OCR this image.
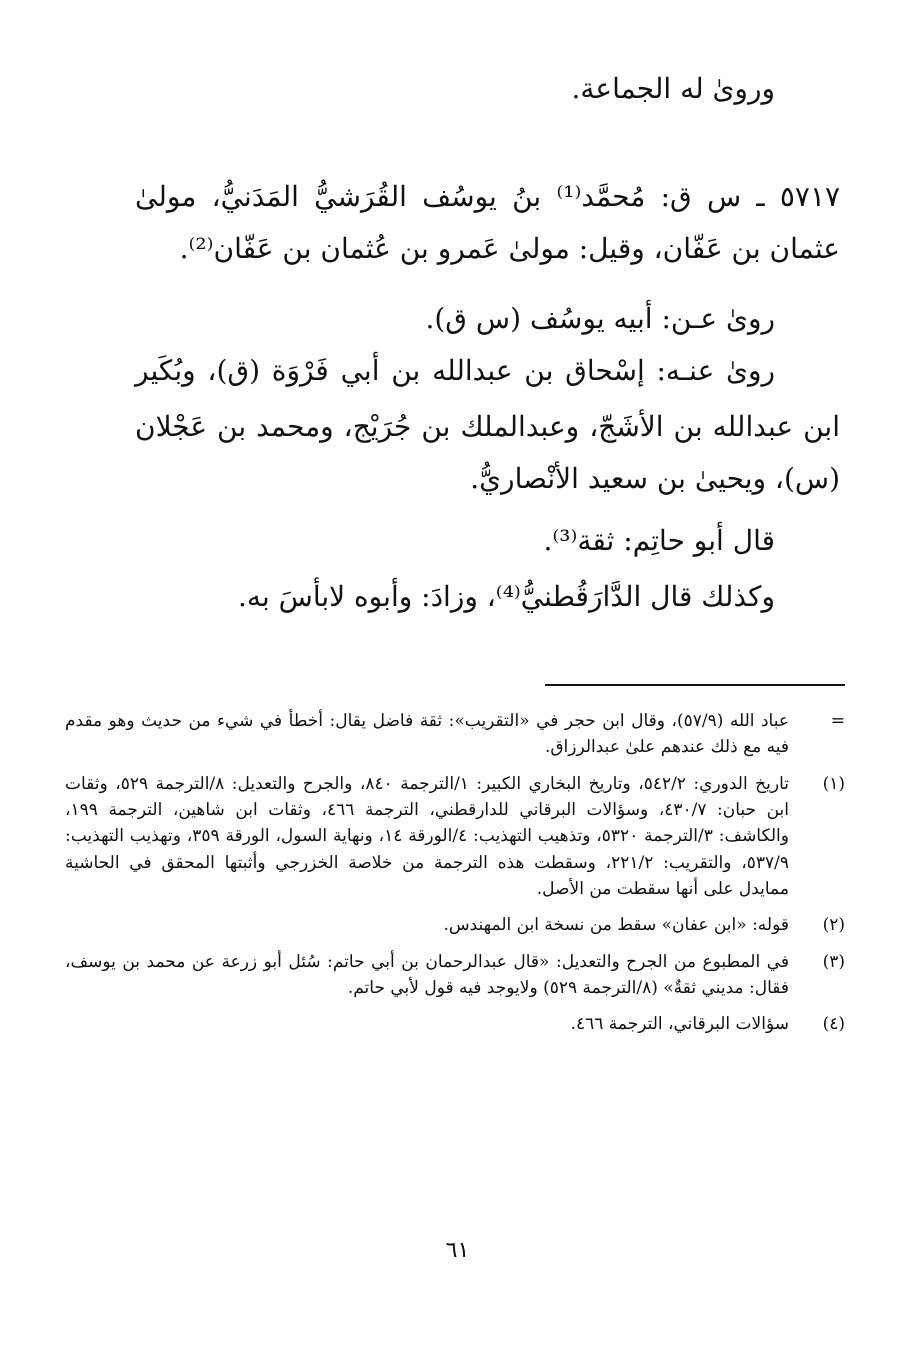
وروىٰ له الجماعة.
٥٧١٧ ـ س ق: مُحمَّد⁽¹⁾ بنُ يوسُف القُرَشيُّ المَدَنيُّ، مولىٰ
عثمان بن عَفّان، وقيل: مولىٰ عَمرو بن عُثمان بن عَفّان⁽²⁾.
روىٰ عـن: أبيه يوسُف (س ق).
روىٰ عنـه: إسْحاق بن عبدالله بن أبي فَرْوَة (ق)، وبُكَير
ابن عبدالله بن الأشَجّ، وعبدالملك بن جُرَيْج، ومحمد بن عَجْلان
(س)، ويحيىٰ بن سعيد الأنْصاريُّ.
قال أبو حاتِم: ثقة⁽³⁾.
وكذلك قال الدَّارَقُطنيُّ⁽⁴⁾، وزادَ: وأبوه لابأسَ به.
=
عباد الله (٥٧/٩)، وقال ابن حجر في «التقريب»: ثقة فاضل يقال: أخطأ في شيء من حديث وهو مقدم فيه مع ذلك عندهم علىٰ عبدالرزاق.
(١)
تاريخ الدوري: ٥٤٢/٢، وتاريخ البخاري الكبير: ١/الترجمة ٨٤٠، والجرح والتعديل: ٨/الترجمة ٥٢٩، وثقات ابن حبان: ٤٣٠/٧، وسؤالات البرقاني للدارقطني، الترجمة ٤٦٦، وثقات ابن شاهين، الترجمة ١٩٩، والكاشف: ٣/الترجمة ٥٣٢٠، وتذهيب التهذيب: ٤/الورقة ١٤، ونهاية السول، الورقة ٣٥٩، وتهذيب التهذيب: ٥٣٧/٩، والتقريب: ٢٢١/٢، وسقطت هذه الترجمة من خلاصة الخزرجي وأثبتها المحقق في الحاشية ممايدل على أنها سقطت من الأصل.
(٢)
قوله: «ابن عفان» سقط من نسخة ابن المهندس.
(٣)
في المطبوع من الجرح والتعديل: «قال عبدالرحمان بن أبي حاتم: سُئل أبو زرعة عن محمد بن يوسف، فقال: مديني ثقةٌ» (٨/الترجمة ٥٢٩) ولايوجد فيه قول لأبي حاتم.
(٤)
سؤالات البرقاني، الترجمة ٤٦٦.
٦١
